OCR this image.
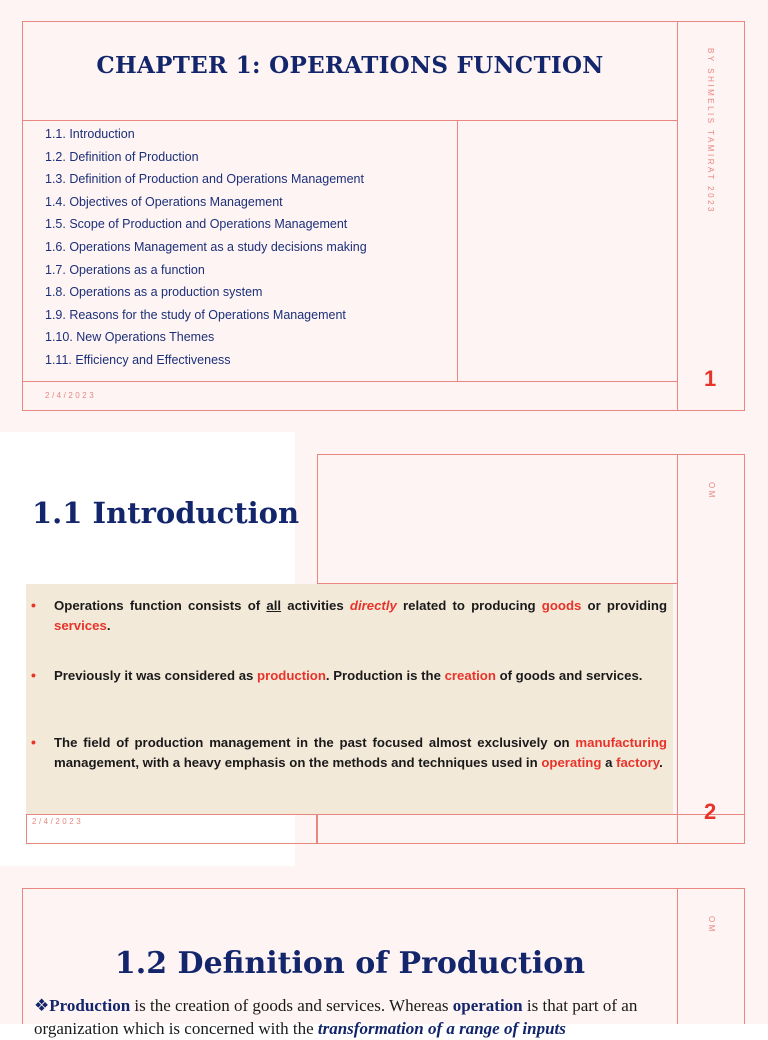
CHAPTER 1: OPERATIONS FUNCTION
1.1. Introduction
1.2. Definition of Production
1.3. Definition of Production and Operations Management
1.4. Objectives of Operations Management
1.5. Scope of Production and Operations Management
1.6. Operations Management as a study decisions making
1.7. Operations as a function
1.8. Operations as a production system
1.9. Reasons for the study of Operations Management
1.10. New Operations Themes
1.11. Efficiency and Effectiveness
BY SHIMELIS TAMIRAT 2023
2/4/2023
1
1.1 Introduction
• Operations function consists of all activities directly related to producing goods or providing services.
• Previously it was considered as production. Production is the creation of goods and services.
• The field of production management in the past focused almost exclusively on manufacturing management, with a heavy emphasis on the methods and techniques used in operating a factory.
OM
2/4/2023	2
1.2 Definition of Production
❖Production is the creation of goods and services. Whereas operation is that part of an organization which is concerned with the transformation of a range of inputs
OM
